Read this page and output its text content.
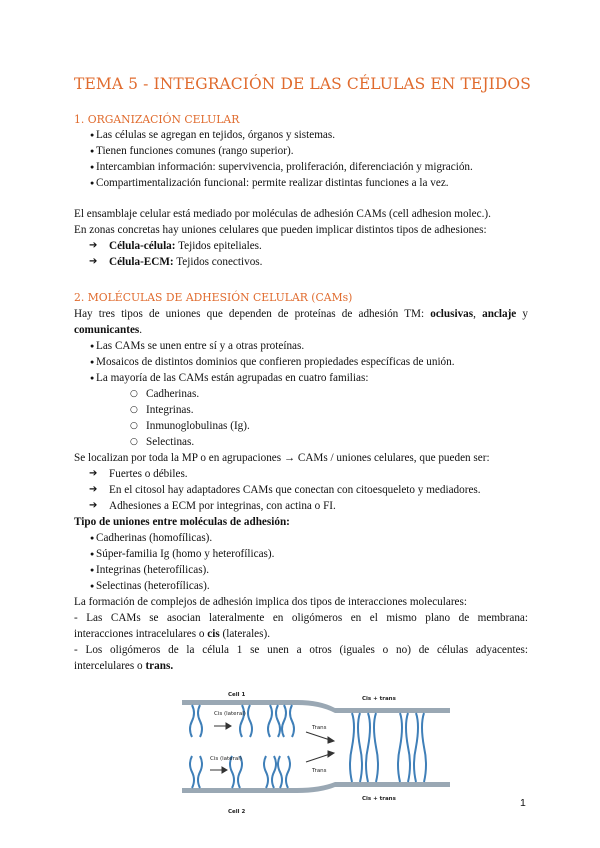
TEMA 5 - INTEGRACIÓN DE LAS CÉLULAS EN TEJIDOS
1. ORGANIZACIÓN CELULAR

● Las células se agregan en tejidos, órganos y sistemas.

● Tienen funciones comunes (rango superior).

● Intercambian información: supervivencia, proliferación, diferenciación y migración.

● Compartimentalización funcional: permite realizar distintas funciones a la vez.

El ensamblaje celular está mediado por moléculas de adhesión CAMs (cell adhesion molec.).

En zonas concretas hay uniones celulares que pueden implicar distintos tipos de adhesiones:

➔ Célula-célula: Tejidos epiteliales.

➔ Célula-ECM: Tejidos conectivos.

2. MOLÉCULAS DE ADHESIÓN CELULAR (CAMs)

Hay tres tipos de uniones que dependen de proteínas de adhesión TM: oclusivas, anclaje y

comunicantes.

● Las CAMs se unen entre sí y a otras proteínas.

● Mosaicos de distintos dominios que confieren propiedades específicas de unión.

● La mayoría de las CAMs están agrupadas en cuatro familias:

○ Cadherinas.

○ Integrinas.

○ Inmunoglobulinas (Ig).

○ Selectinas.

Se localizan por toda la MP o en agrupaciones → CAMs / uniones celulares, que pueden ser:

➔ Fuertes o débiles.

➔ En el citosol hay adaptadores CAMs que conectan con citoesqueleto y mediadores.

➔ Adhesiones a ECM por integrinas, con actina o FI.

Tipo de uniones entre moléculas de adhesión:

● Cadherinas (homofílicas).

● Súper-familia Ig (homo y heterofílicas).

● Integrinas (heterofílicas).

● Selectinas (heterofílicas).

La formación de complejos de adhesión implica dos tipos de interacciones moleculares:

- Las CAMs se asocian lateralmente en oligómeros en el mismo plano de membrana:

interacciones intracelulares o cis (laterales).

- Los oligómeros de la célula 1 se unen a otros (iguales o no) de células adyacentes:

intercelulares o trans.

Cell 1
Cell 2
Cis (lateral)
Cis (lateral)
Trans
Trans
Cis + trans
Cis + trans	1
